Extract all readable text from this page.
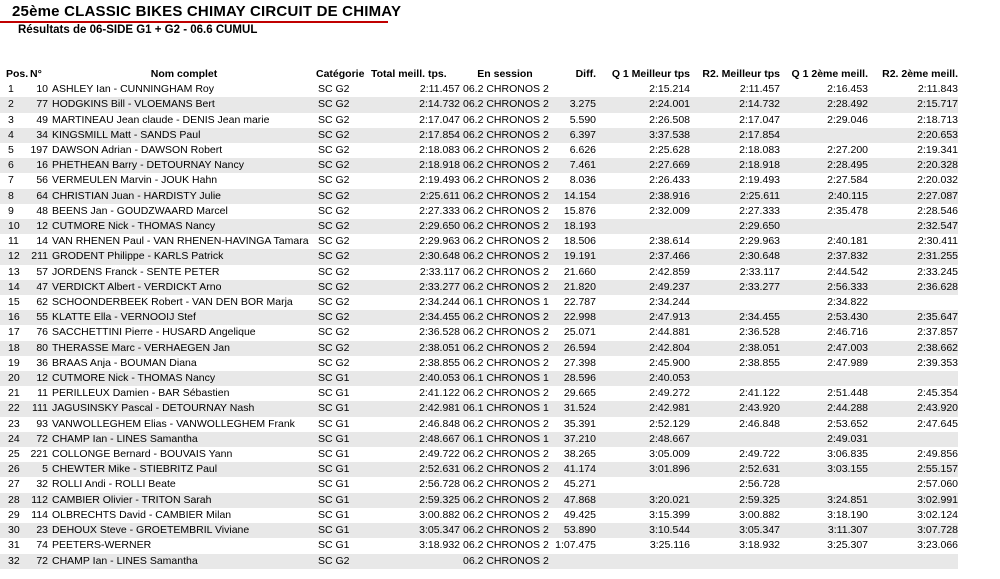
25ème CLASSIC BIKES CHIMAY CIRCUIT DE CHIMAY
Résultats de 06-SIDE G1 + G2 - 06.6 CUMUL
Pos.	N°	Nom complet	Catégorie	Total meill. tps.	En session	Diff.	Q 1 Meilleur tps	R2. Meilleur tps	Q 1 2ème meill.	R2. 2ème meill.
1	10	ASHLEY Ian - CUNNINGHAM Roy	SC G2	2:11.457	06.2 CHRONOS 2		2:15.214	2:11.457	2:16.453	2:11.843
2	77	HODGKINS Bill - VLOEMANS Bert	SC G2	2:14.732	06.2 CHRONOS 2	3.275	2:24.001	2:14.732	2:28.492	2:15.717
3	49	MARTINEAU Jean claude - DENIS Jean marie	SC G2	2:17.047	06.2 CHRONOS 2	5.590	2:26.508	2:17.047	2:29.046	2:18.713
4	34	KINGSMILL Matt - SANDS Paul	SC G2	2:17.854	06.2 CHRONOS 2	6.397	3:37.538	2:17.854		2:20.653
5	197	DAWSON Adrian - DAWSON Robert	SC G2	2:18.083	06.2 CHRONOS 2	6.626	2:25.628	2:18.083	2:27.200	2:19.341
6	16	PHETHEAN Barry - DETOURNAY Nancy	SC G2	2:18.918	06.2 CHRONOS 2	7.461	2:27.669	2:18.918	2:28.495	2:20.328
7	56	VERMEULEN Marvin - JOUK Hahn	SC G2	2:19.493	06.2 CHRONOS 2	8.036	2:26.433	2:19.493	2:27.584	2:20.032
8	64	CHRISTIAN Juan - HARDISTY Julie	SC G2	2:25.611	06.2 CHRONOS 2	14.154	2:38.916	2:25.611	2:40.115	2:27.087
9	48	BEENS Jan - GOUDZWAARD Marcel	SC G2	2:27.333	06.2 CHRONOS 2	15.876	2:32.009	2:27.333	2:35.478	2:28.546
10	12	CUTMORE Nick - THOMAS Nancy	SC G2	2:29.650	06.2 CHRONOS 2	18.193		2:29.650		2:32.547
11	14	VAN RHENEN Paul - VAN RHENEN-HAVINGA Tamara	SC G2	2:29.963	06.2 CHRONOS 2	18.506	2:38.614	2:29.963	2:40.181	2:30.411
12	211	GRODENT Philippe - KARLS Patrick	SC G2	2:30.648	06.2 CHRONOS 2	19.191	2:37.466	2:30.648	2:37.832	2:31.255
13	57	JORDENS Franck - SENTE PETER	SC G2	2:33.117	06.2 CHRONOS 2	21.660	2:42.859	2:33.117	2:44.542	2:33.245
14	47	VERDICKT Albert - VERDICKT Arno	SC G2	2:33.277	06.2 CHRONOS 2	21.820	2:49.237	2:33.277	2:56.333	2:36.628
15	62	SCHOONDERBEEK Robert - VAN DEN BOR Marja	SC G2	2:34.244	06.1 CHRONOS 1	22.787	2:34.244		2:34.822	
16	55	KLATTE Ella - VERNOOIJ Stef	SC G2	2:34.455	06.2 CHRONOS 2	22.998	2:47.913	2:34.455	2:53.430	2:35.647
17	76	SACCHETTINI Pierre - HUSARD Angelique	SC G2	2:36.528	06.2 CHRONOS 2	25.071	2:44.881	2:36.528	2:46.716	2:37.857
18	80	THERASSE Marc - VERHAEGEN Jan	SC G2	2:38.051	06.2 CHRONOS 2	26.594	2:42.804	2:38.051	2:47.003	2:38.662
19	36	BRAAS Anja - BOUMAN Diana	SC G2	2:38.855	06.2 CHRONOS 2	27.398	2:45.900	2:38.855	2:47.989	2:39.353
20	12	CUTMORE Nick - THOMAS Nancy	SC G1	2:40.053	06.1 CHRONOS 1	28.596	2:40.053			
21	11	PERILLEUX Damien - BAR Sébastien	SC G1	2:41.122	06.2 CHRONOS 2	29.665	2:49.272	2:41.122	2:51.448	2:45.354
22	111	JAGUSINSKY Pascal - DETOURNAY Nash	SC G1	2:42.981	06.1 CHRONOS 1	31.524	2:42.981	2:43.920	2:44.288	2:43.920
23	93	VANWOLLEGHEM Elias - VANWOLLEGHEM Frank	SC G1	2:46.848	06.2 CHRONOS 2	35.391	2:52.129	2:46.848	2:53.652	2:47.645
24	72	CHAMP Ian - LINES Samantha	SC G1	2:48.667	06.1 CHRONOS 1	37.210	2:48.667		2:49.031	
25	221	COLLONGE Bernard - BOUVAIS Yann	SC G1	2:49.722	06.2 CHRONOS 2	38.265	3:05.009	2:49.722	3:06.835	2:49.856
26	5	CHEWTER Mike - STIEBRITZ Paul	SC G1	2:52.631	06.2 CHRONOS 2	41.174	3:01.896	2:52.631	3:03.155	2:55.157
27	32	ROLLI Andi - ROLLI Beate	SC G1	2:56.728	06.2 CHRONOS 2	45.271		2:56.728		2:57.060
28	112	CAMBIER Olivier - TRITON Sarah	SC G1	2:59.325	06.2 CHRONOS 2	47.868	3:20.021	2:59.325	3:24.851	3:02.991
29	114	OLBRECHTS David - CAMBIER Milan	SC G1	3:00.882	06.2 CHRONOS 2	49.425	3:15.399	3:00.882	3:18.190	3:02.124
30	23	DEHOUX Steve - GROETEMBRIL Viviane	SC G1	3:05.347	06.2 CHRONOS 2	53.890	3:10.544	3:05.347	3:11.307	3:07.728
31	74	PEETERS-WERNER	SC G1	3:18.932	06.2 CHRONOS 2	1:07.475	3:25.116	3:18.932	3:25.307	3:23.066
32	72	CHAMP Ian - LINES Samantha	SC G2		06.2 CHRONOS 2					
